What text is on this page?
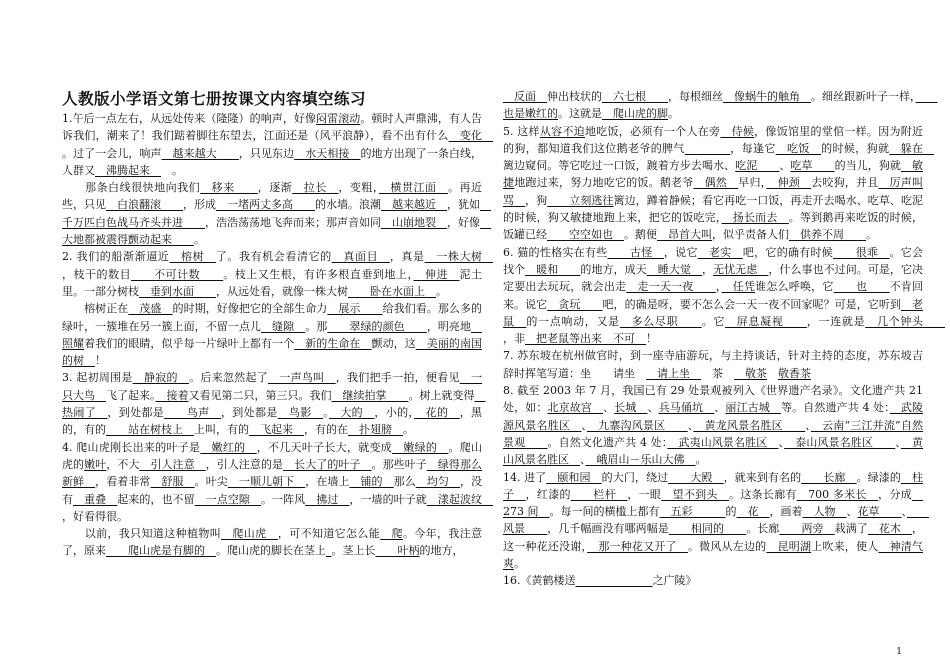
人教版小学语文第七册按课文内容填空练习

1.午后一点左右，从远处传来（隆隆）的响声，好像闷雷滚动。顿时人声鼎沸，有人告诉我们，潮来了！我们踮着脚往东望去，江面还是（风平浪静），看不出有什么　变化　。过了一会儿，响声　越来越大　　，只见东边　水天相接　的地方出现了一条白线，人群又　沸腾起来　　。

　　那条白线很快地向我们　移来　　，逐渐　拉长　，变粗，　横贯江面　。再近些，只见　白浪翻滚　　，形成　一堵两丈多高　　的水墙。浪潮　越来越近　，犹如　千万匹白色战马齐头并进　　，浩浩荡荡地飞奔而来；那声音如同　山崩地裂　，好像　大地都被震得颤动起来　　。

2. 我们的船渐渐逼近　榕树　了。我有机会看清它的　真面目　，真是　一株大树　，枝干的数目　　不可计数　　。枝上又生根，有许多根直垂到地上，　伸进　泥土里。一部分树枝　垂到水面　　，从远处看，就像一株大树　　卧在水面上　。

　　榕树正在　茂盛　的时期，好像把它的全部生命力　展示　　给我们看。那么多的绿叶，一簇堆在另一簇上面，不留一点儿　缝隙　。那　　翠绿的颜色　　，明亮地　照耀着我们的眼睛，似乎每一片绿叶上都有一个　新的生命在　颤动，这　美丽的南国的树　！

3. 起初周围是　静寂的　。后来忽然起了　一声鸟叫　，我们把手一拍，便看见　一只大鸟　飞了起来。　接着又看见第二只，第三只。我们　继续拍掌　　。树上就变得　热闹了　，到处都是　　鸟声　，到处都是　鸟影　。　大的　，小的，　花的　，黑的，有的　　站在树枝上　上叫，有的　飞起来　，有的在　扑翅膀　。

4. 爬山虎刚长出来的叶子是　嫩红的　，不几天叶子长大，就变成　嫩绿的　。爬山虎的嫩叶，不大　引人注意　，引人注意的是　长大了的叶子　。那些叶子　绿得那么新鲜　，看着非常　舒服　。叶尖　一顺儿朝下　，在墙上　铺的　那么　均匀　，没有　重叠　起来的，也不留　一点空隙　。一阵风　拂过　，一墙的叶子就　漾起波纹　，好看得很。

　　以前，我只知道这种植物叫　爬山虎　，可不知道它怎么能　爬。今年，我注意了，原来　　爬山虎是有脚的　。爬山虎的脚长在茎上_。茎上长　　叶柄的地方，

　反面　伸出枝状的　六七根　　，每根细丝　像蜗牛的触角　。细丝跟新叶子一样，　　也是嫩红的。这就是　爬山虎的脚。

5. 这样从容不迫地吃饭，必须有一个人在旁　侍候，像饭馆里的堂倌一样。因为附近的狗，都知道我们这位鹅老爷的脾气　　　　	，每逢它　吃饭　的时候，狗就　躲在　篱边窥伺。等它吃过一口饭，踱着方步去喝水、吃泥　　、吃草　　的当儿，狗就　敏捷地跑过来，努力地吃它的饭。鹅老爷　偶然　早归，　伸颈　去咬狗，并且　厉声叫骂　，狗　　立刻逃往篱边，蹲着静候；看它再吃一口饭，再走开去喝水、吃草、吃泥的时候，狗又敏捷地跑上来，把它的饭吃完，　扬长而去　。等到鹅再来吃饭的时候，饭罐已经　　空空如也　。鹅便　昂首大叫，似乎责备人们　供养不周　　。

6. 猫的性格实在有些　　古怪　，说它　老实　吧，它的确有时候　　很乖　。它会找个　暖和　　的地方，成天　睡大觉　，无忧无虑　，什么事也不过问。可是，它决定要出去玩玩，就会出走　走一天一夜　　，　任凭谁怎么呼唤，它　　也　　不肯回来。说它　贪玩　　吧，的确是呀，要不怎么会一天一夜不回家呢？可是，它听到　老鼠　的一点响动，又是　多么尽职　　。它　屏息凝视　　，一连就是　几个钟头　　，非　把老鼠等出来　不可　！

7. 苏东坡在杭州做官时，到一座寺庙游玩，与主持谈话，针对主持的态度，苏东坡吉辞时挥笔写道：坐　　请坐　　请上坐　　茶　　敬茶　 敬香茶

8. 截至 2003 年 7 月，我国已有 29 处景观被列入《世界遗产名录》。文化遗产共 21 处，如：北京故宫　、长城　、兵马俑坑　、丽江古城　等。自然遗产共 4 处：　武陵源风景名胜区　、　九寨沟风景区　　、　黄龙风景名胜区　　、　云南“三江并流”自然景观　　。自然文化遗产共 4 处：　武夷山风景名胜区　、　泰山风景名胜区　　、　黄山风景名胜区　、　峨眉山－乐山大佛　。

14. 进了　颐和园　的大门，绕过　　大殿　，就来到有名的　　长廊　。绿漆的　柱子　，红漆的　　栏杆　，一眼　望不到头　。这条长廊有　700 多米长　，分成　273 间　。每一间的横槛上都有　五彩　　　的　花　，画着　人物　、花草　　、　　风景　　，几千幅画没有哪两幅是　　相同的　　。长廊　　两旁　栽满了　花木　，这一种花还没谢，　那一种花又开了　。微风从左边的　昆明湖上吹来，使人　神清气爽。

16.《黄鹤楼送　　　　　　　	之广陵》

1
